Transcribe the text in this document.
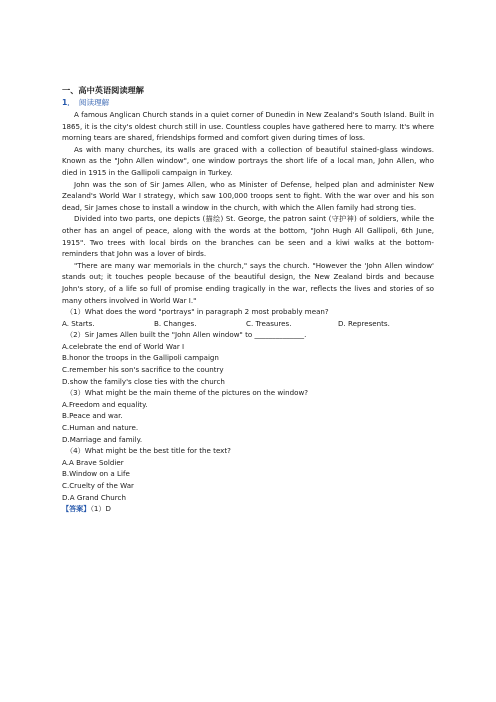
一、高中英语阅读理解
1． 阅读理解

A famous Anglican Church stands in a quiet corner of Dunedin in New Zealand's South Island. Built in 1865, it is the city's oldest church still in use. Countless couples have gathered here to marry. It's where morning tears are shared, friendships formed and comfort given during times of loss.

As with many churches, its walls are graced with a collection of beautiful stained-glass windows. Known as the "John Allen window", one window portrays the short life of a local man, John Allen, who died in 1915 in the Gallipoli campaign in Turkey.

John was the son of Sir James Allen, who as Minister of Defense, helped plan and administer New Zealand's World War I strategy, which saw 100,000 troops sent to fight. With the war over and his son dead, Sir James chose to install a window in the church, with which the Allen family had strong ties.

Divided into two parts, one depicts (描绘) St. George, the patron saint (守护神) of soldiers, while the other has an angel of peace, along with the words at the bottom, "John Hugh All Gallipoli, 6th June, 1915". Two trees with local birds on the branches can be seen and a kiwi walks at the bottom- reminders that John was a lover of birds.

"There are many war memorials in the church," says the church. "However the 'John Allen window' stands out; it touches people because of the beautiful design, the New Zealand birds and because John's story, of a life so full of promise ending tragically in the war, reflects the lives and stories of so many others involved in World War I."

（1）What does the word "portrays" in paragraph 2 most probably mean?
A. Starts.	B. Changes.	C. Treasures.	D. Represents.
（2）Sir James Allen built the "John Allen window" to ______________.
A.celebrate the end of World War I
B.honor the troops in the Gallipoli campaign
C.remember his son's sacrifice to the country
D.show the family's close ties with the church
（3）What might be the main theme of the pictures on the window?
A.Freedom and equality.
B.Peace and war.
C.Human and nature.
D.Marriage and family.
（4）What might be the best title for the text?
A.A Brave Soldier
B.Window on a Life
C.Cruelty of the War
D.A Grand Church
【答案】（1）D
